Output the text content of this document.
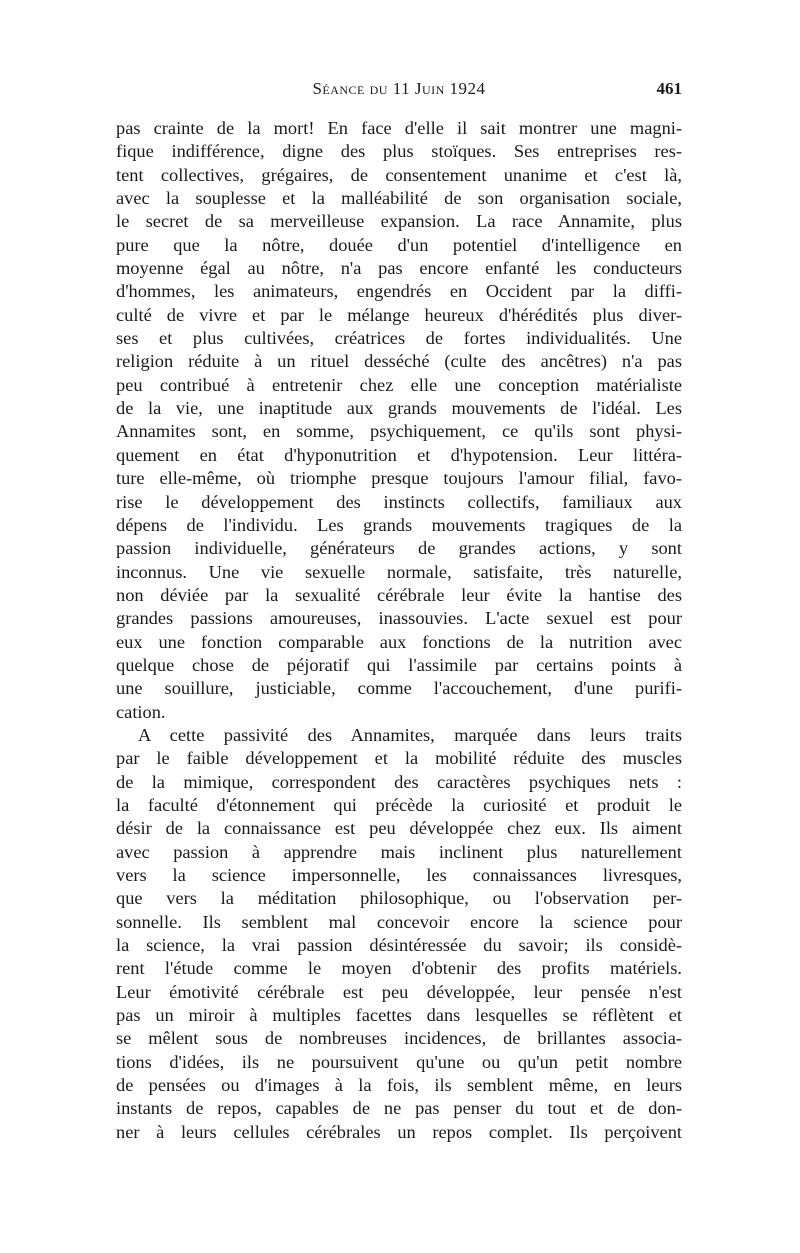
Séance du 11 Juin 1924	461
pas crainte de la mort! En face d'elle il sait montrer une magni-
fique indifférence, digne des plus stoïques. Ses entreprises res-
tent collectives, grégaires, de consentement unanime et c'est là,
avec la souplesse et la malléabilité de son organisation sociale,
le secret de sa merveilleuse expansion. La race Annamite, plus
pure que la nôtre, douée d'un potentiel d'intelligence en
moyenne égal au nôtre, n'a pas encore enfanté les conducteurs
d'hommes, les animateurs, engendrés en Occident par la diffi-
culté de vivre et par le mélange heureux d'hérédités plus diver-
ses et plus cultivées, créatrices de fortes individualités. Une
religion réduite à un rituel desséché (culte des ancêtres) n'a pas
peu contribué à entretenir chez elle une conception matérialiste
de la vie, une inaptitude aux grands mouvements de l'idéal. Les
Annamites sont, en somme, psychiquement, ce qu'ils sont physi-
quement en état d'hyponutrition et d'hypotension. Leur littéra-
ture elle-même, où triomphe presque toujours l'amour filial, favo-
rise le développement des instincts collectifs, familiaux aux
dépens de l'individu. Les grands mouvements tragiques de la
passion individuelle, générateurs de grandes actions, y sont
inconnus. Une vie sexuelle normale, satisfaite, très naturelle,
non déviée par la sexualité cérébrale leur évite la hantise des
grandes passions amoureuses, inassouvies. L'acte sexuel est pour
eux une fonction comparable aux fonctions de la nutrition avec
quelque chose de péjoratif qui l'assimile par certains points à
une souillure, justiciable, comme l'accouchement, d'une purifi-
cation.
A cette passivité des Annamites, marquée dans leurs traits
par le faible développement et la mobilité réduite des muscles
de la mimique, correspondent des caractères psychiques nets :
la faculté d'étonnement qui précède la curiosité et produit le
désir de la connaissance est peu développée chez eux. Ils aiment
avec passion à apprendre mais inclinent plus naturellement
vers la science impersonnelle, les connaissances livresques,
que vers la méditation philosophique, ou l'observation per-
sonnelle. Ils semblent mal concevoir encore la science pour
la science, la vrai passion désintéressée du savoir; ils considè-
rent l'étude comme le moyen d'obtenir des profits matériels.
Leur émotivité cérébrale est peu développée, leur pensée n'est
pas un miroir à multiples facettes dans lesquelles se réflètent et
se mêlent sous de nombreuses incidences, de brillantes associa-
tions d'idées, ils ne poursuivent qu'une ou qu'un petit nombre
de pensées ou d'images à la fois, ils semblent même, en leurs
instants de repos, capables de ne pas penser du tout et de don-
ner à leurs cellules cérébrales un repos complet. Ils perçoivent
